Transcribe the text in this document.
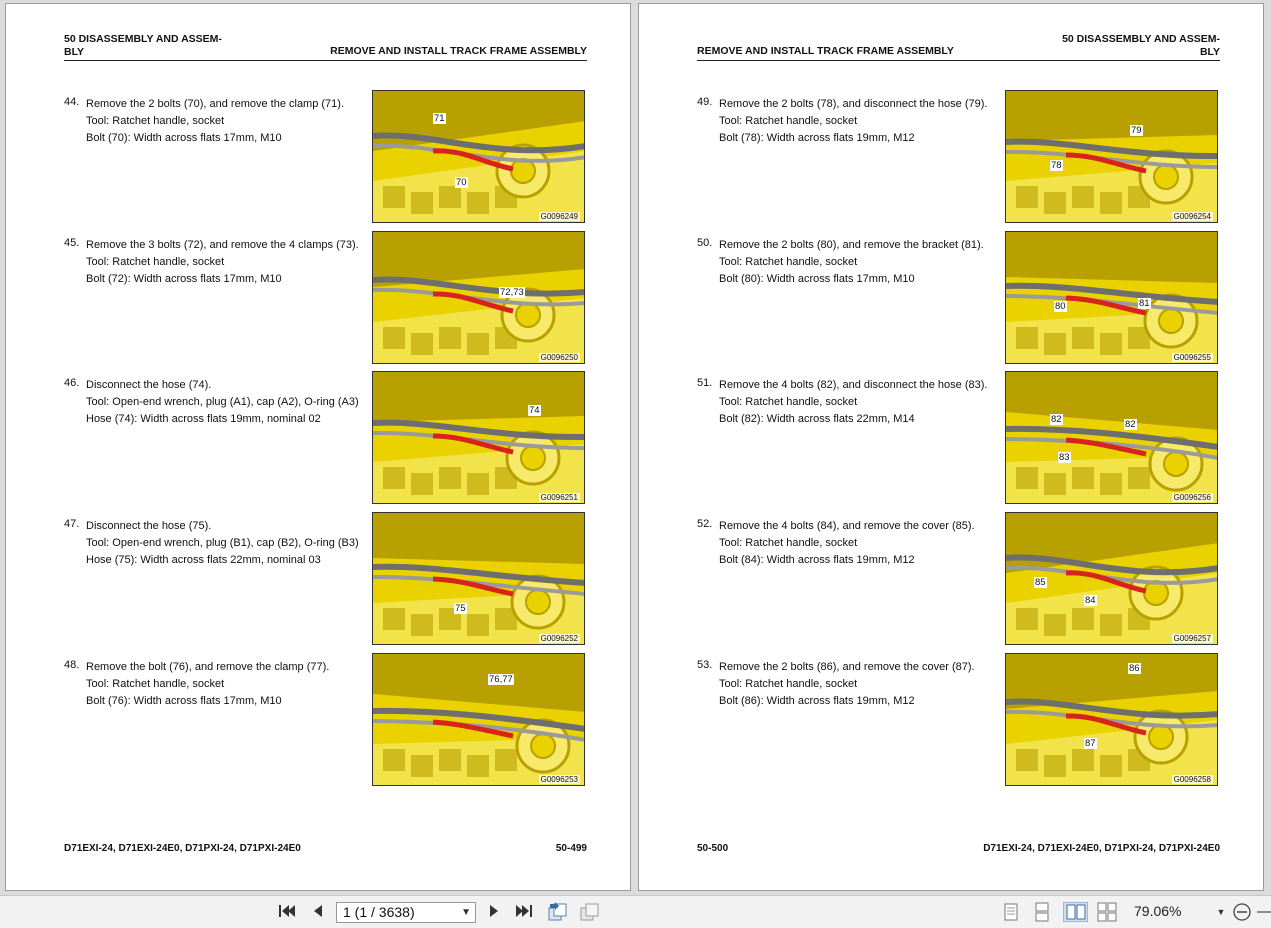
50 DISASSEMBLY AND ASSEM-
BLY	REMOVE AND INSTALL TRACK FRAME ASSEMBLY
44. Remove the 2 bolts (70), and remove the clamp (71).
Tool: Ratchet handle, socket
Bolt (70): Width across flats 17mm, M10
71
70
G0096249
45. Remove the 3 bolts (72), and remove the 4 clamps (73).
Tool: Ratchet handle, socket
Bolt (72): Width across flats 17mm, M10
72,73
G0096250
46. Disconnect the hose (74).
Tool: Open-end wrench, plug (A1), cap (A2), O-ring (A3)
Hose (74): Width across flats 19mm, nominal 02
74
G0096251
47. Disconnect the hose (75).
Tool: Open-end wrench, plug (B1), cap (B2), O-ring (B3)
Hose (75): Width across flats 22mm, nominal 03
75
G0096252
48. Remove the bolt (76), and remove the clamp (77).
Tool: Ratchet handle, socket
Bolt (76): Width across flats 17mm, M10
76,77
G0096253
D71EXI-24, D71EXI-24E0, D71PXI-24, D71PXI-24E0	50-499
50 DISASSEMBLY AND ASSEM-
BLY
REMOVE AND INSTALL TRACK FRAME ASSEMBLY
49. Remove the 2 bolts (78), and disconnect the hose (79).
Tool: Ratchet handle, socket
Bolt (78): Width across flats 19mm, M12
79
78
G0096254
50. Remove the 2 bolts (80), and remove the bracket (81).
Tool: Ratchet handle, socket
Bolt (80): Width across flats 17mm, M10
80	81
G0096255
51. Remove the 4 bolts (82), and disconnect the hose (83).
Tool: Ratchet handle, socket
Bolt (82): Width across flats 22mm, M14	82	82
83
G0096256
52. Remove the 4 bolts (84), and remove the cover (85).
Tool: Ratchet handle, socket
Bolt (84): Width across flats 19mm, M12
85
84
G0096257
53. Remove the 2 bolts (86), and remove the cover (87).
Tool: Ratchet handle, socket
Bolt (86): Width across flats 19mm, M12
86
87
G0096258
50-500	D71EXI-24, D71EXI-24E0, D71PXI-24, D71PXI-24E0
1 (1 / 3638)	▼	79.06%	▼
